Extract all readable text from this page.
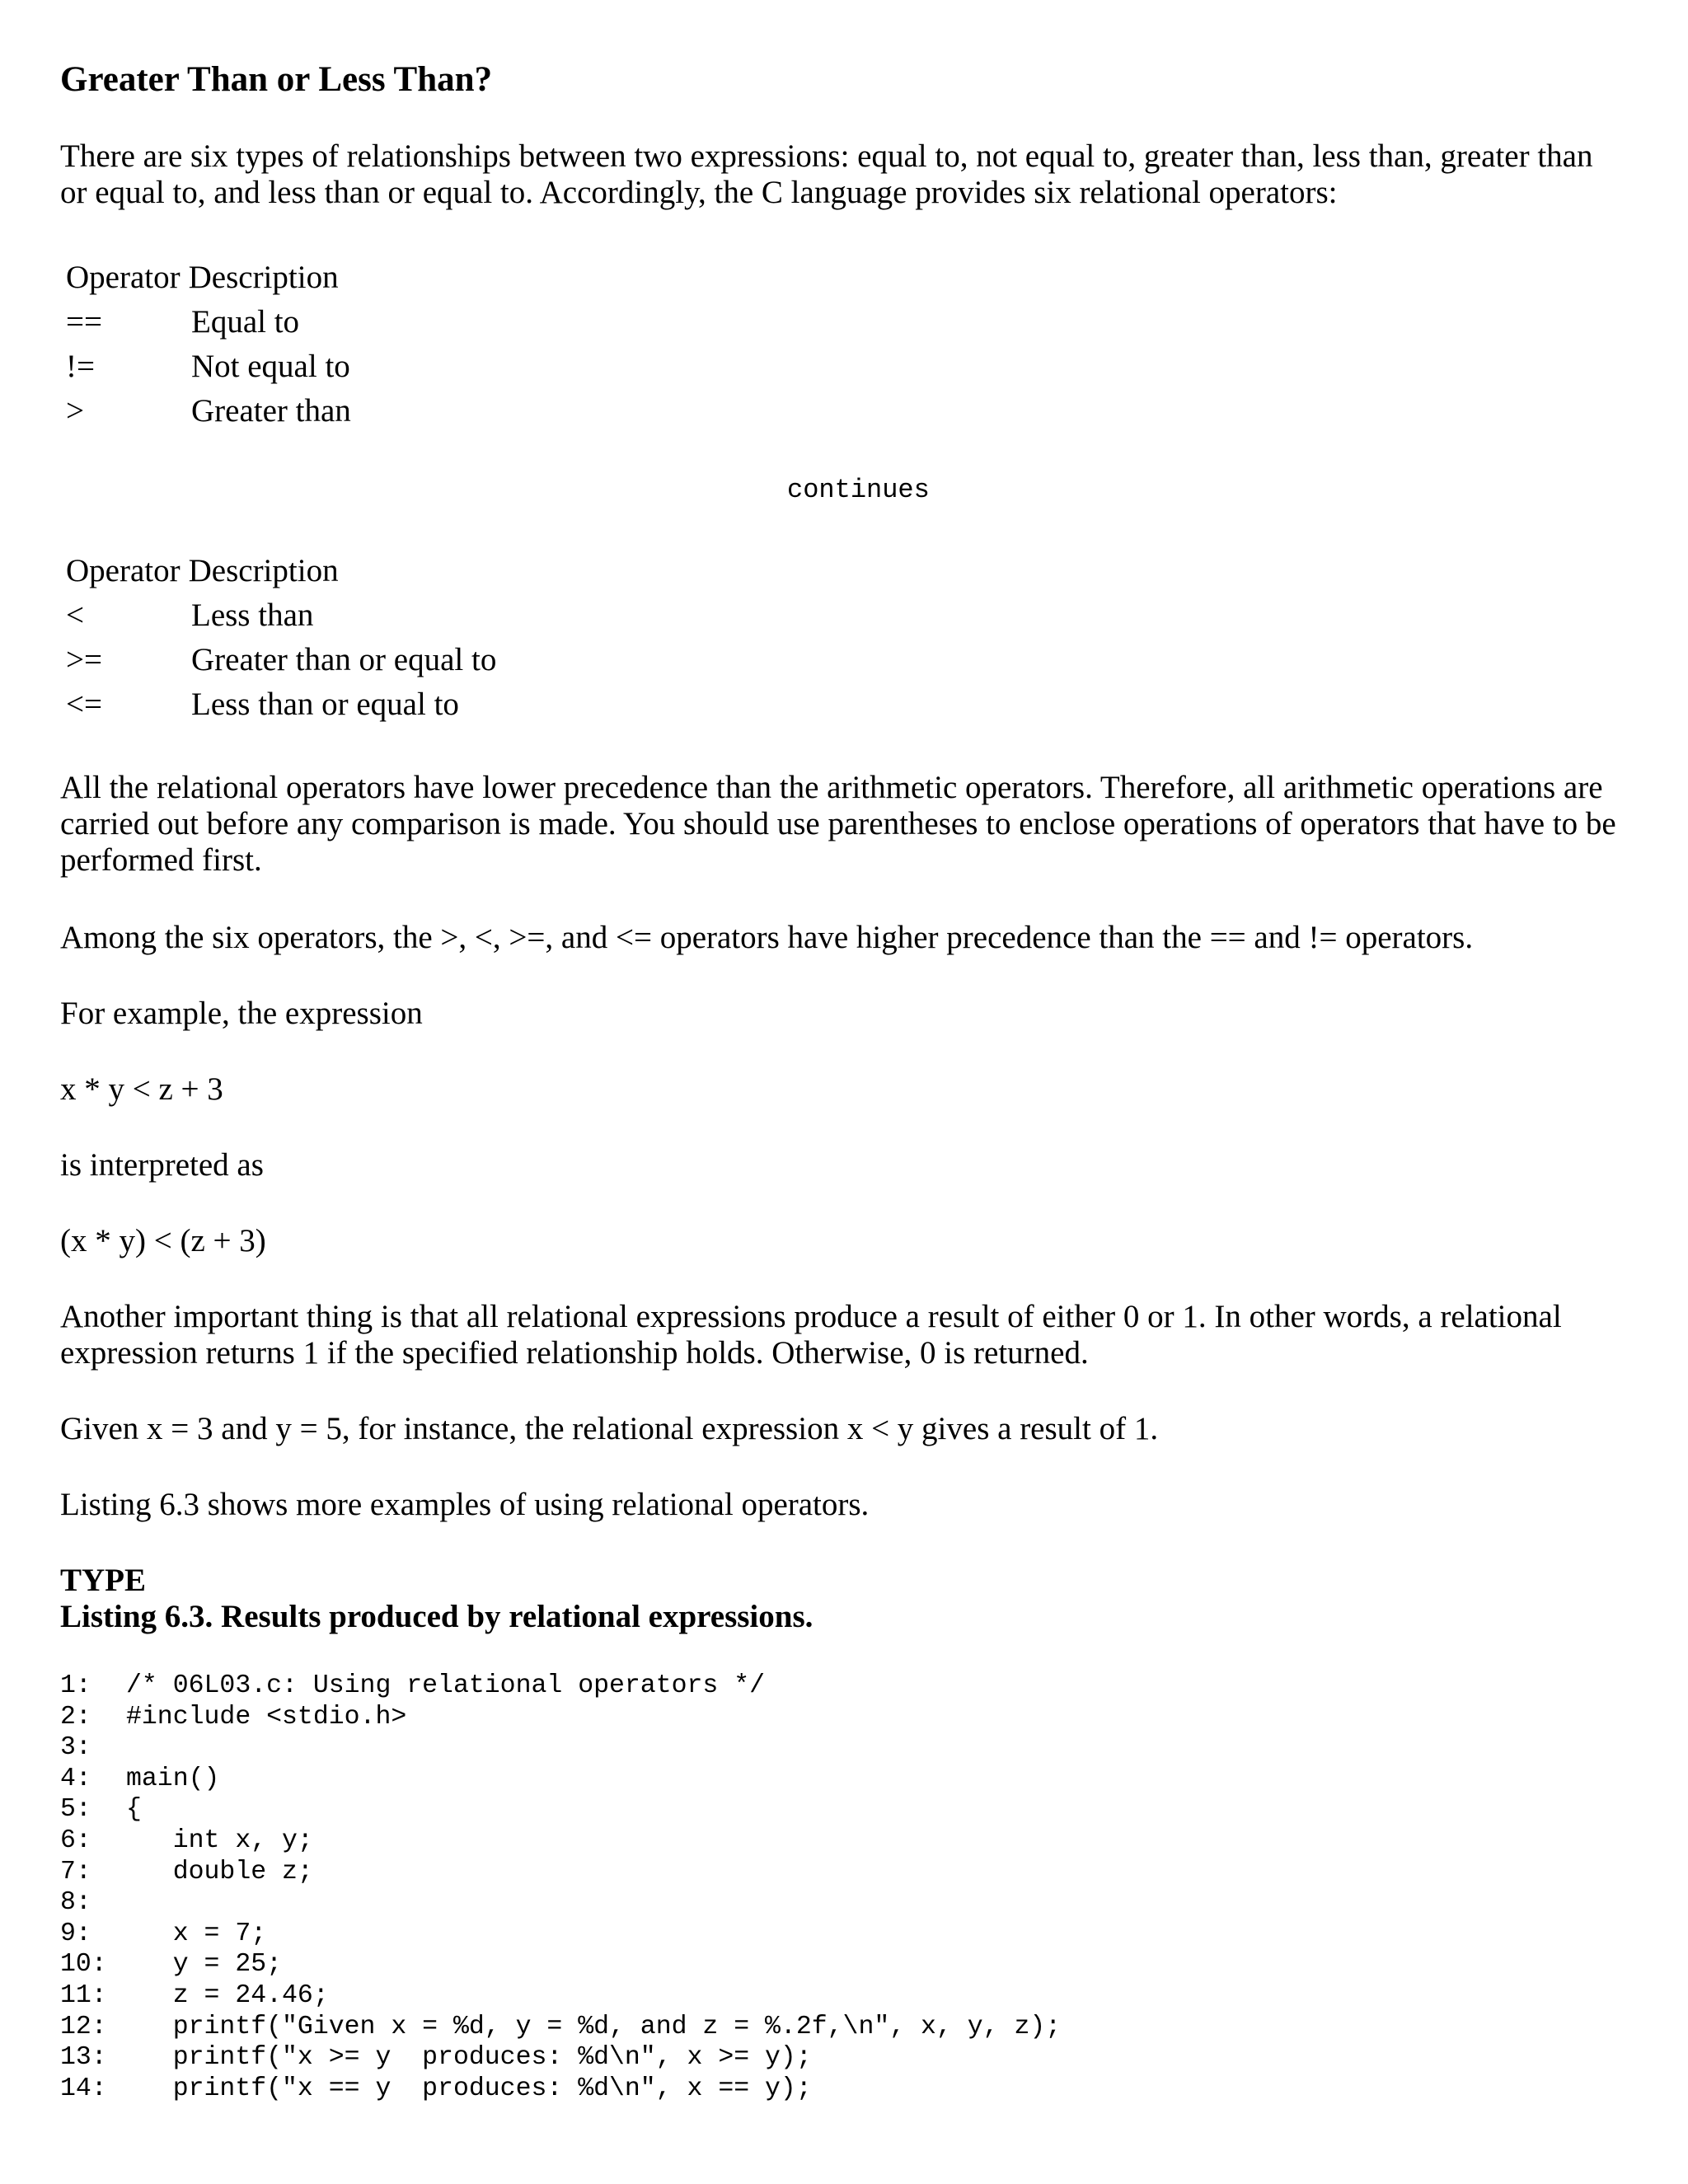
Greater Than or Less Than?

There are six types of relationships between two expressions: equal to, not equal to, greater than, less than, greater than or equal to, and less than or equal to. Accordingly, the C language provides six relational operators:

Operator Description
==	Equal to
!=	Not equal to
>	Greater than
continues
Operator Description
<	Less than
>=	Greater than or equal to
<=	Less than or equal to

All the relational operators have lower precedence than the arithmetic operators. Therefore, all arithmetic operations are carried out before any comparison is made. You should use parentheses to enclose operations of operators that have to be performed first.

Among the six operators, the >, <, >=, and <= operators have higher precedence than the == and != operators.

For example, the expression

x * y < z + 3

is interpreted as

(x * y) < (z + 3)

Another important thing is that all relational expressions produce a result of either 0 or 1. In other words, a relational expression returns 1 if the specified relationship holds. Otherwise, 0 is returned.

Given x = 3 and y = 5, for instance, the relational expression x < y gives a result of 1.

Listing 6.3 shows more examples of using relational operators.

TYPE
Listing 6.3. Results produced by relational expressions.
1:	/* 06L03.c: Using relational operators */
2:	#include <stdio.h>
3:
4:	main()
5:	{
6:	int x, y;
7:	double z;
8:
9:	x = 7;
10: y = 25;
11: z = 24.46;
12: printf("Given x = %d, y = %d, and z = %.2f,\n", x, y, z);
13: printf("x >= y  produces: %d\n", x >= y);
14: printf("x == y  produces: %d\n", x == y);
